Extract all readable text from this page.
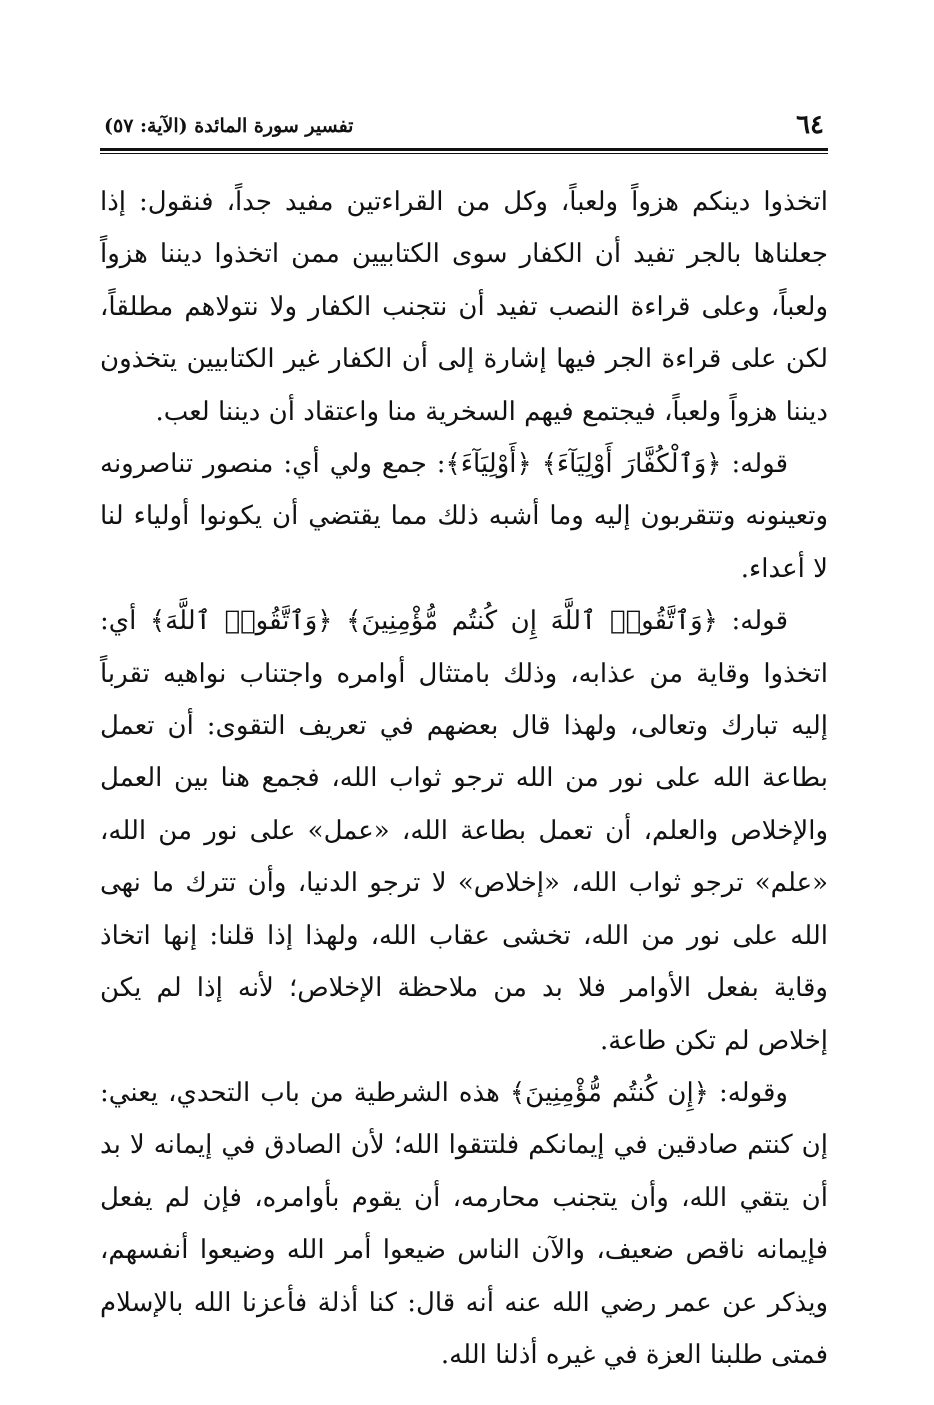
٦٤
تفسير سورة المائدة (الآية: ٥٧)

اتخذوا دينكم هزواً ولعباً، وكل من القراءتين مفيد جداً، فنقول: إذا جعلناها بالجر تفيد أن الكفار سوى الكتابيين ممن اتخذوا ديننا هزواً ولعباً، وعلى قراءة النصب تفيد أن نتجنب الكفار ولا نتولاهم مطلقاً، لكن على قراءة الجر فيها إشارة إلى أن الكفار غير الكتابيين يتخذون ديننا هزواً ولعباً، فيجتمع فيهم السخرية منا واعتقاد أن ديننا لعب.

قوله: ﴿وَٱلْكُفَّارَ أَوْلِيَآءَ﴾ ﴿أَوْلِيَآءَ﴾: جمع ولي أي: منصور تناصرونه وتعينونه وتتقربون إليه وما أشبه ذلك مما يقتضي أن يكونوا أولياء لنا لا أعداء.

قوله: ﴿وَٱتَّقُوا۟ ٱللَّهَ إِن كُنتُم مُّؤْمِنِينَ﴾ ﴿وَٱتَّقُوا۟ ٱللَّهَ﴾ أي: اتخذوا وقاية من عذابه، وذلك بامتثال أوامره واجتناب نواهيه تقرباً إليه تبارك وتعالى، ولهذا قال بعضهم في تعريف التقوى: أن تعمل بطاعة الله على نور من الله ترجو ثواب الله، فجمع هنا بين العمل والإخلاص والعلم، أن تعمل بطاعة الله، «عمل» على نور من الله، «علم» ترجو ثواب الله، «إخلاص» لا ترجو الدنيا، وأن تترك ما نهى الله على نور من الله، تخشى عقاب الله، ولهذا إذا قلنا: إنها اتخاذ وقاية بفعل الأوامر فلا بد من ملاحظة الإخلاص؛ لأنه إذا لم يكن إخلاص لم تكن طاعة.

وقوله: ﴿إِن كُنتُم مُّؤْمِنِينَ﴾ هذه الشرطية من باب التحدي، يعني: إن كنتم صادقين في إيمانكم فلتتقوا الله؛ لأن الصادق في إيمانه لا بد أن يتقي الله، وأن يتجنب محارمه، أن يقوم بأوامره، فإن لم يفعل فإيمانه ناقص ضعيف، والآن الناس ضيعوا أمر الله وضيعوا أنفسهم، ويذكر عن عمر رضي الله عنه أنه قال: كنا أذلة فأعزنا الله بالإسلام فمتى طلبنا العزة في غيره أذلنا الله.
